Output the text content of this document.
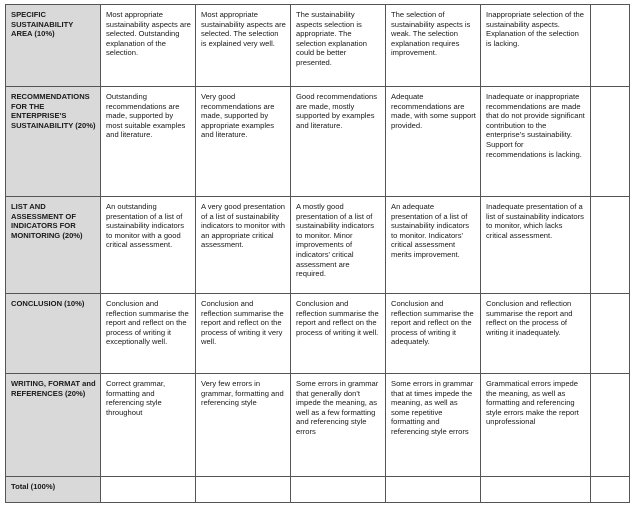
SPECIFIC SUSTAINABILITY AREA (10%)	Most appropriate sustainability aspects are selected. Outstanding explanation of the selection.	Most appropriate sustainability aspects are selected. The selection is explained very well.	The sustainability aspects selection is appropriate. The selection explanation could be better presented.	The selection of sustainability aspects is weak. The selection explanation requires improvement.	Inappropriate selection of the sustainability aspects. Explanation of the selection is lacking.	
RECOMMENDATIONS FOR THE ENTERPRISE'S SUSTAINABILITY (20%)	Outstanding recommendations are made, supported by most suitable examples and literature.	Very good recommendations are made, supported by appropriate examples and literature.	Good recommendations are made, mostly supported by examples and literature.	Adequate recommendations are made, with some support provided.	Inadequate or inappropriate recommendations are made that do not provide significant contribution to the enterprise's sustainability. Support for recommendations is lacking.	
LIST AND ASSESSMENT OF INDICATORS FOR MONITORING (20%)	An outstanding presentation of a list of sustainability indicators to monitor with a good critical assessment.	A very good presentation of a list of sustainability indicators to monitor with an appropriate critical assessment.	A mostly good presentation of a list of sustainability indicators to monitor. Minor improvements of indicators' critical assessment are required.	An adequate presentation of a list of sustainability indicators to monitor. Indicators' critical assessment merits improvement.	Inadequate presentation of a list of sustainability indicators to monitor, which lacks critical assessment.	
CONCLUSION (10%)	Conclusion and reflection summarise the report and reflect on the process of writing it exceptionally well.	Conclusion and reflection summarise the report and reflect on the process of writing it very well.	Conclusion and reflection summarise the report and reflect on the process of writing it well.	Conclusion and reflection summarise the report and reflect on the process of writing it adequately.	Conclusion and reflection summarise the report and reflect on the process of writing it inadequately.	
WRITING, FORMAT and REFERENCES (20%)	Correct grammar, formatting and referencing style throughout	Very few errors in grammar, formatting and referencing style	Some errors in grammar that generally don't impede the meaning, as well as a few formatting and referencing style errors	Some errors in grammar that at times impede the meaning, as well as some repetitive formatting and referencing style errors	Grammatical errors impede the meaning, as well as formatting and referencing style errors make the report unprofessional	
Total (100%)						
